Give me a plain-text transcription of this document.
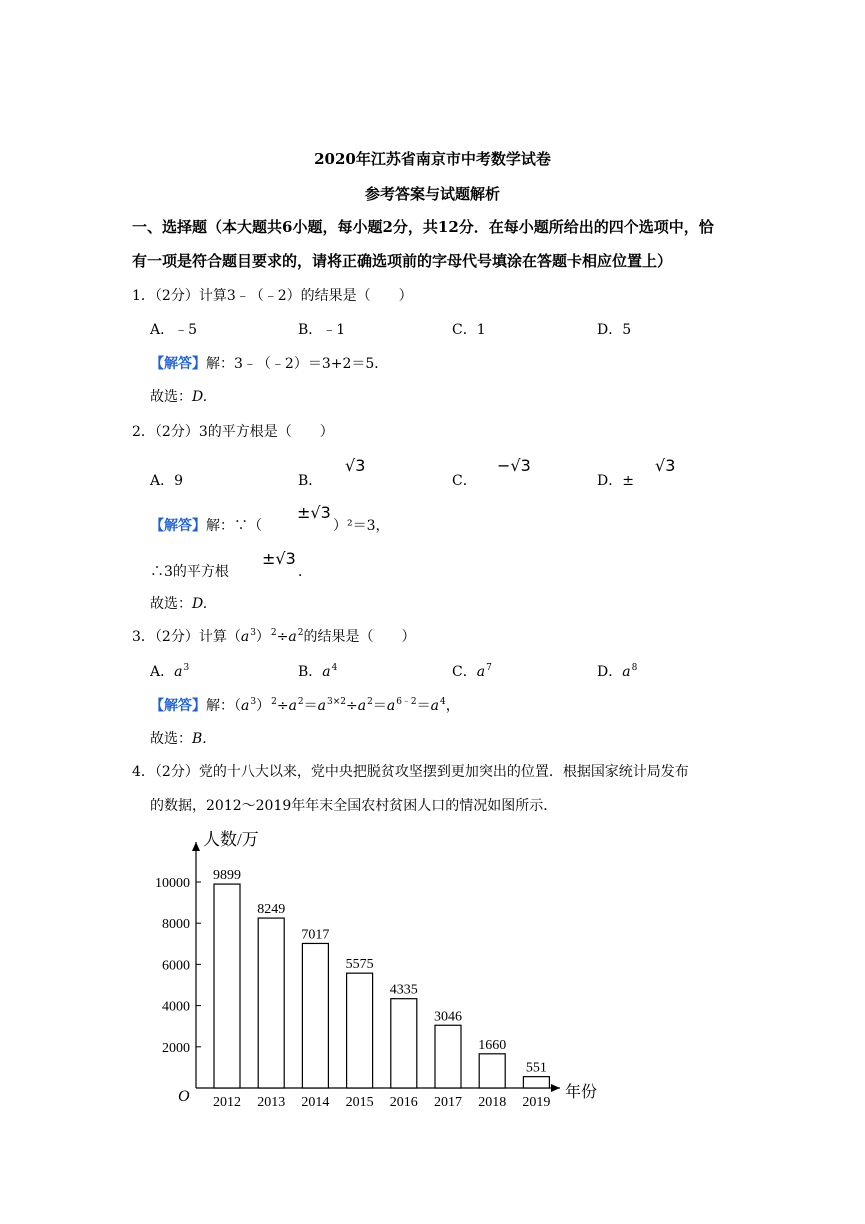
2020年江苏省南京市中考数学试卷
参考答案与试题解析
一、选择题（本大题共6小题，每小题2分，共12分．在每小题所给出的四个选项中，恰
有一项是符合题目要求的，请将正确选项前的字母代号填涂在答题卡相应位置上）
1．（2分）计算3﹣（﹣2）的结果是（　　）
A．﹣5	B．﹣1	C．1	D．5
【解答】解：3﹣（﹣2）＝3+2＝5．
故选：D.
2．（2分）3的平方根是（　　）
A．9	B．
√3
C．
−√3
D．±
√3
【解答】解：∵（
±√3
）²＝3，
∴3的平方根
±√3
．
故选：D.
3．（2分）计算$(a^3)^2\div a^2$的结果是（　　）
A．$a^3$	B．$a^4$	C．$a^7$	D．$a^8$
【解答】解：$(a^3)^2\div a^2=a^{3\times 2}\div a^2=a^{6﹣2}=a^4$，
故选：B.
4．（2分）党的十八大以来，党中央把脱贫攻坚摆到更加突出的位置．根据国家统计局发布
的数据，2012～2019年年末全国农村贫困人口的情况如图所示．
人数/万
年份
O
2000
4000
6000
8000
10000
9899
2012
8249
2013
7017
2014
5575
2015
4335
2016
3046
2017
1660
2018
551
2019
